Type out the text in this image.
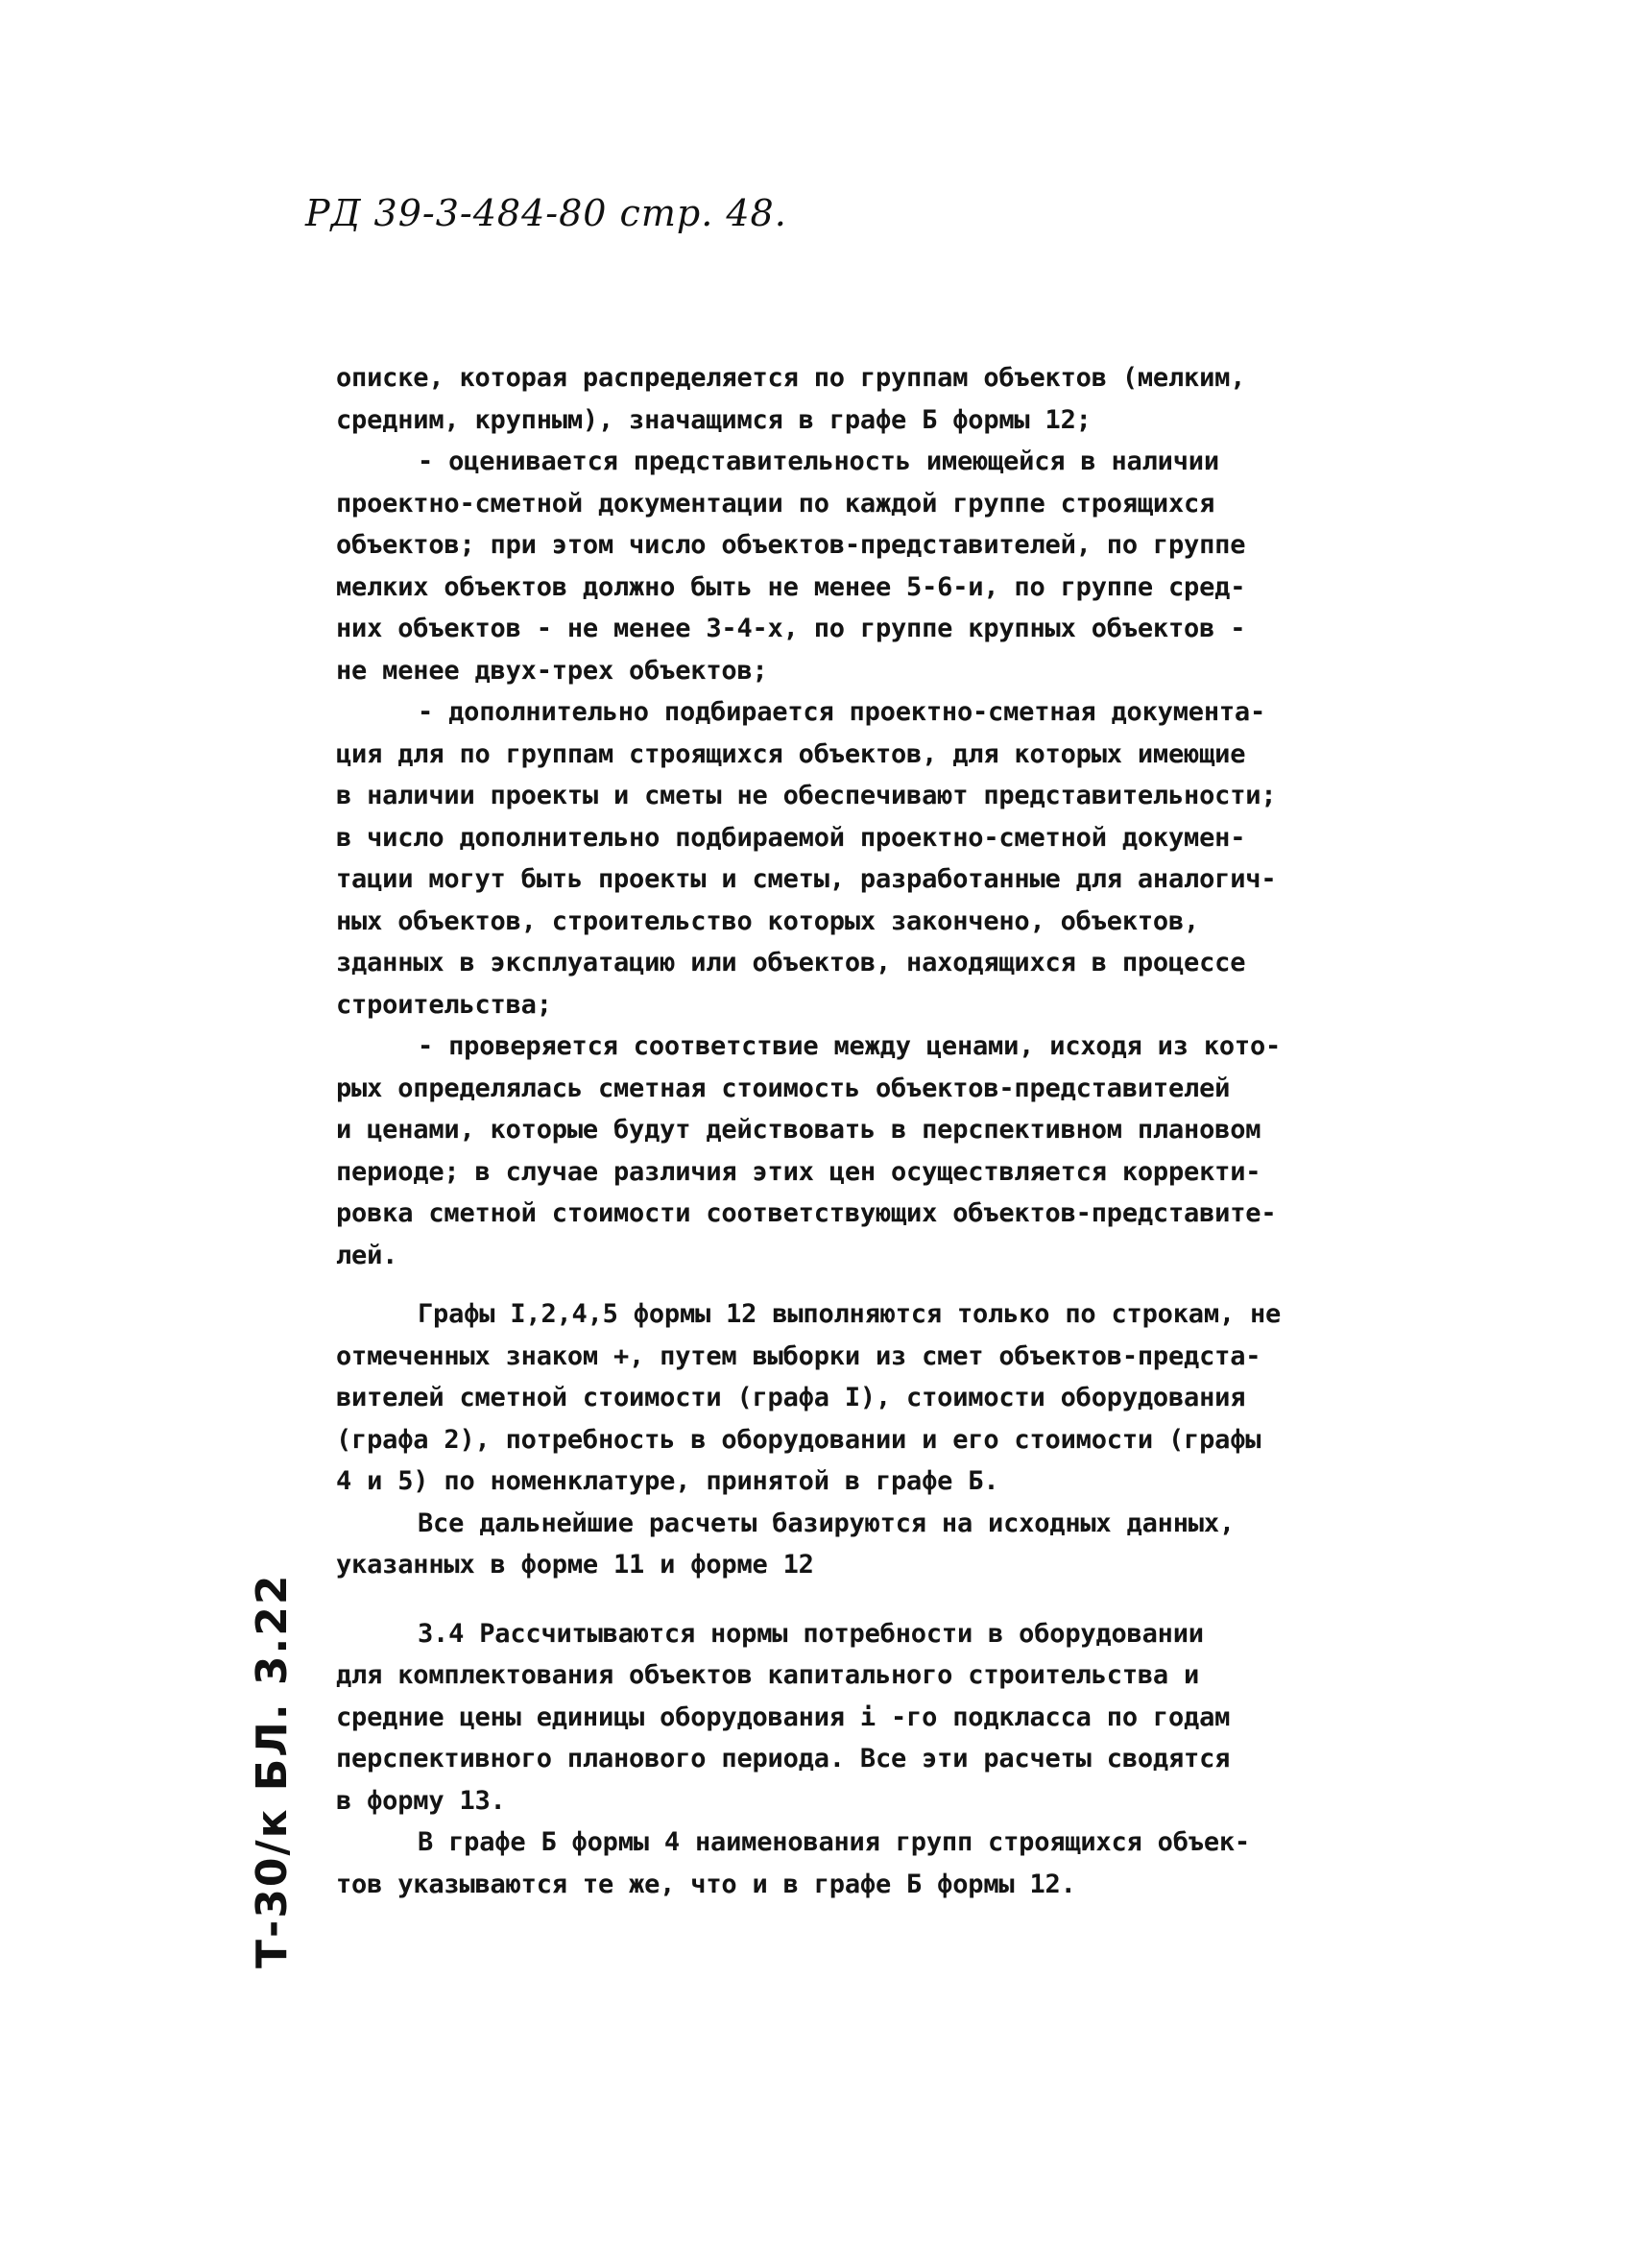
РД 39-3-484-80 стр. 48.
описке, которая распределяется по группам объектов (мелким,
средним, крупным), значащимся в графе Б формы 12;
- оценивается представительность имеющейся в наличии
проектно-сметной документации по каждой группе строящихся
объектов; при этом число объектов-представителей, по группе
мелких объектов должно быть не менее 5-6-и, по группе сред-
них объектов - не менее 3-4-х, по группе крупных объектов -
не менее двух-трех объектов;
- дополнительно подбирается проектно-сметная документа-
ция для по группам строящихся объектов, для которых имеющие
в наличии проекты и сметы не обеспечивают представительности;
в число дополнительно подбираемой проектно-сметной докумен-
тации могут быть проекты и сметы, разработанные для аналогич-
ных объектов, строительство которых закончено, объектов,
зданных в эксплуатацию или объектов, находящихся в процессе
строительства;
- проверяется соответствие между ценами, исходя из кото-
рых определялась сметная стоимость объектов-представителей
и ценами, которые будут действовать в перспективном плановом
периоде; в случае различия этих цен осуществляется корректи-
ровка сметной стоимости соответствующих объектов-представите-
лей.
Графы I,2,4,5 формы 12 выполняются только по строкам, не
отмеченных знаком +, путем выборки из смет объектов-предста-
вителей сметной стоимости (графа I), стоимости оборудования
(графа 2), потребность в оборудовании и его стоимости (графы
4 и 5) по номенклатуре, принятой в графе Б.
Все дальнейшие расчеты базируются на исходных данных,
указанных в форме 11 и форме 12
3.4 Рассчитываются нормы потребности в оборудовании
для комплектования объектов капитального строительства и
средние цены единицы оборудования i -го подкласса по годам
перспективного планового периода. Все эти расчеты сводятся
в форму 13.
В графе Б формы 4 наименования групп строящихся объек-
тов указываются те же, что и в графе Б формы 12.
Т-30/к БЛ. 3.22
